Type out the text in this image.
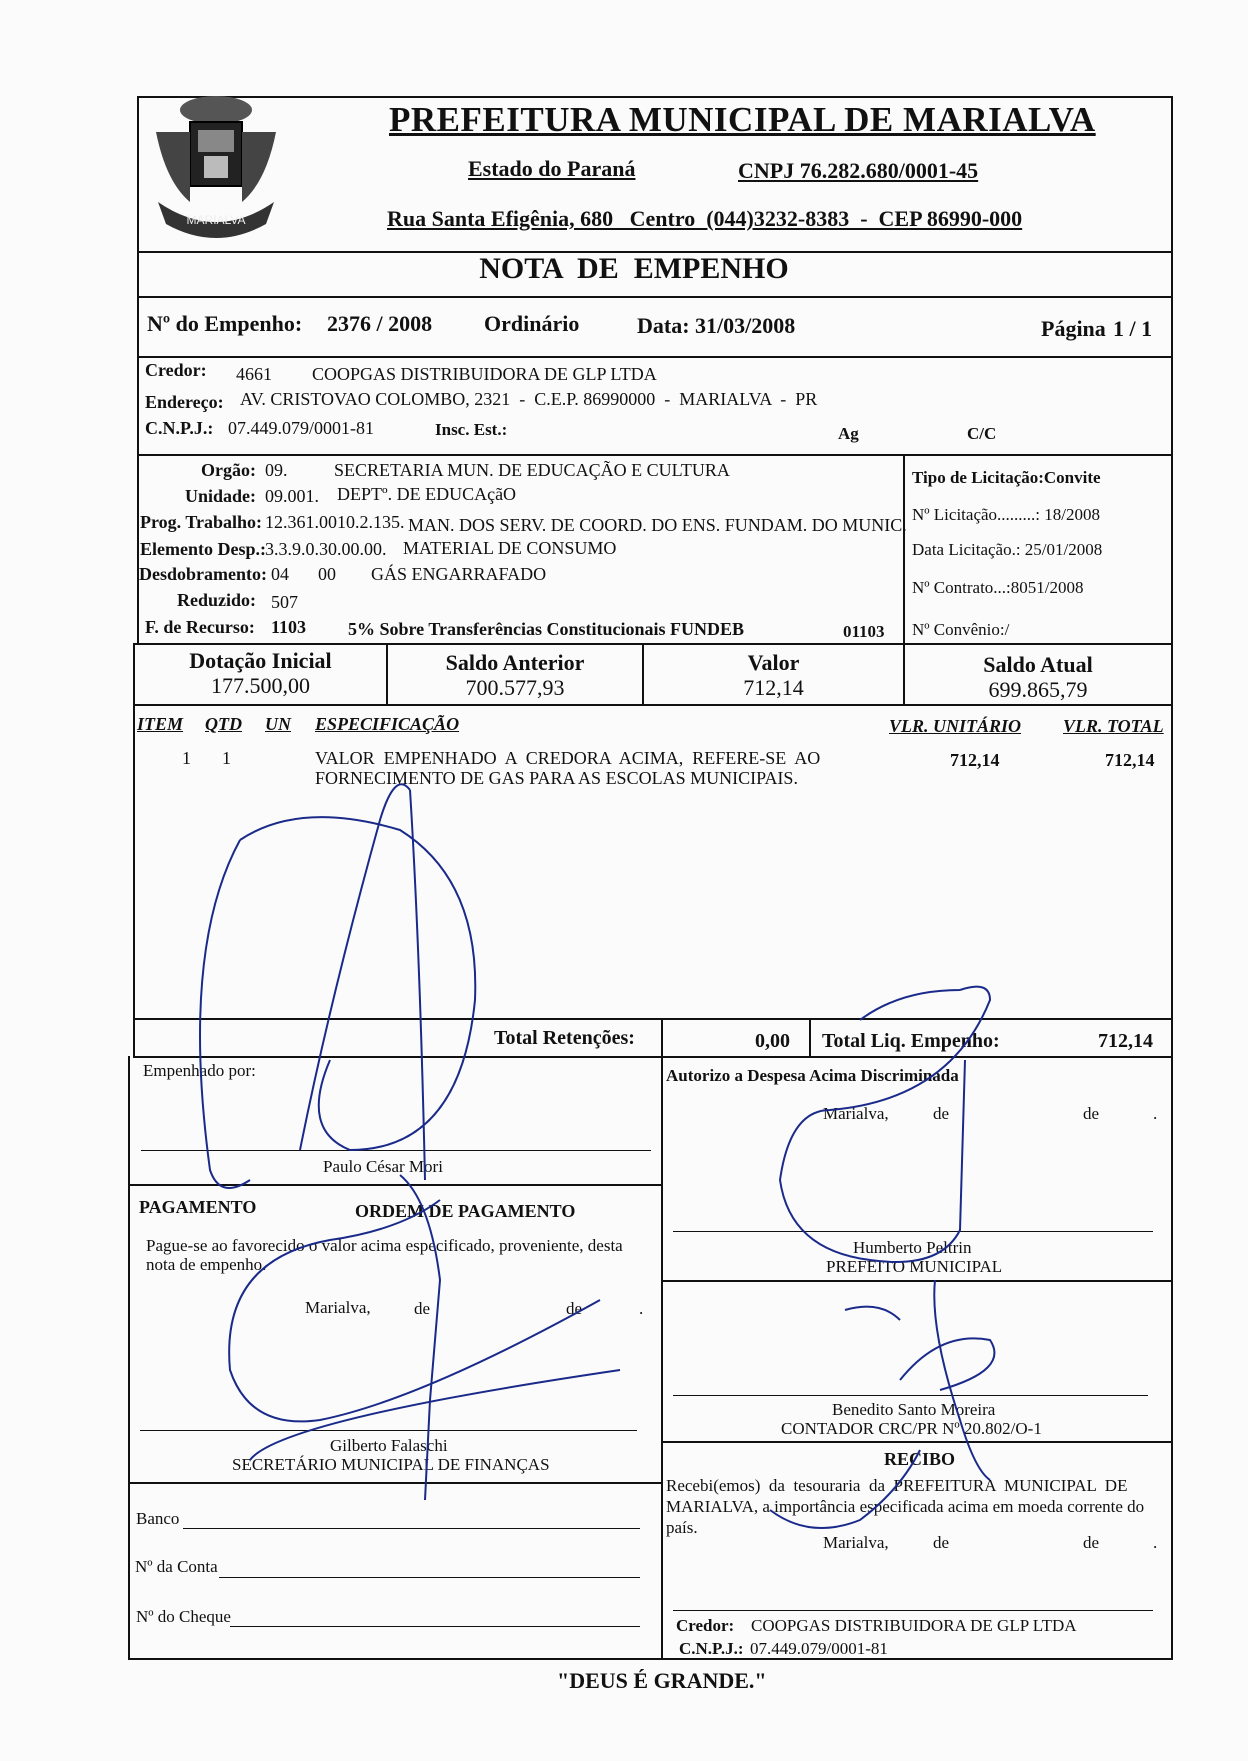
MARIALVA
PREFEITURA MUNICIPAL DE MARIALVA
Estado do Paraná	CNPJ 76.282.680/0001-45
Rua Santa Efigênia, 680   Centro  (044)3232-8383  -  CEP 86990-000
NOTA  DE  EMPENHO
Nº do Empenho: 2376 / 2008 Ordinário	Data: 31/03/2008	Página 1 / 1
Credor: 4661 COOPGAS DISTRIBUIDORA DE GLP LTDA
Endereço: AV. CRISTOVAO COLOMBO, 2321  -  C.E.P. 86990000  -  MARIALVA  -  PR
C.N.P.J.: 07.449.079/0001-81	Insc. Est.:	Ag	C/C
Orgão: 09.	SECRETARIA MUN. DE EDUCAÇÃO E CULTURA
Unidade: 09.001. DEPTº. DE EDUCAçãO
Prog. Trabalho: 12.361.0010.2.135. MAN. DOS SERV. DE COORD. DO ENS. FUNDAM. DO MUNIC.
Elemento Desp.: 3.3.9.0.30.00.00. MATERIAL DE CONSUMO
Desdobramento: 04 00 GÁS ENGARRAFADO
Reduzido: 507
F. de Recurso: 1103 5% Sobre Transferências Constitucionais FUNDEB	01103
Tipo de Licitação:Convite
Nº Licitação.........: 18/2008
Data Licitação.: 25/01/2008
Nº Contrato...:8051/2008
Nº Convênio:/
Dotação Inicial
177.500,00
Saldo Anterior
700.577,93
Valor
712,14
Saldo Atual
699.865,79
ITEM QTD UN ESPECIFICAÇÃO	VLR. UNITÁRIO VLR. TOTAL
1 1	VALOR  EMPENHADO  A  CREDORA  ACIMA,  REFERE-SE  AO
FORNECIMENTO DE GAS PARA AS ESCOLAS MUNICIPAIS.
712,14	712,14
Total Retenções:	0,00 Total Liq. Empenho:	712,14
Empenhado por:
Paulo César Mori
PAGAMENTO	ORDEM DE PAGAMENTO
Pague-se ao favorecido o valor acima especificado, proveniente, desta
nota de empenho.
Marialva,	de	de	.
Gilberto Falaschi
SECRETÁRIO MUNICIPAL DE FINANÇAS
Banco
Nº da Conta
Nº do Cheque
Autorizo a Despesa Acima Discriminada
Marialva,	de	de	.
Humberto Peltrin
PREFEITO MUNICIPAL
Benedito Santo Moreira
CONTADOR CRC/PR Nº 20.802/O-1
RECIBO
Recebi(emos)  da  tesouraria  da  PREFEITURA  MUNICIPAL  DE
MARIALVA, a importância especificada acima em moeda corrente do
país.
Marialva,	de	de	.
Credor: COOPGAS DISTRIBUIDORA DE GLP LTDA
C.N.P.J.: 07.449.079/0001-81
"DEUS É GRANDE."
